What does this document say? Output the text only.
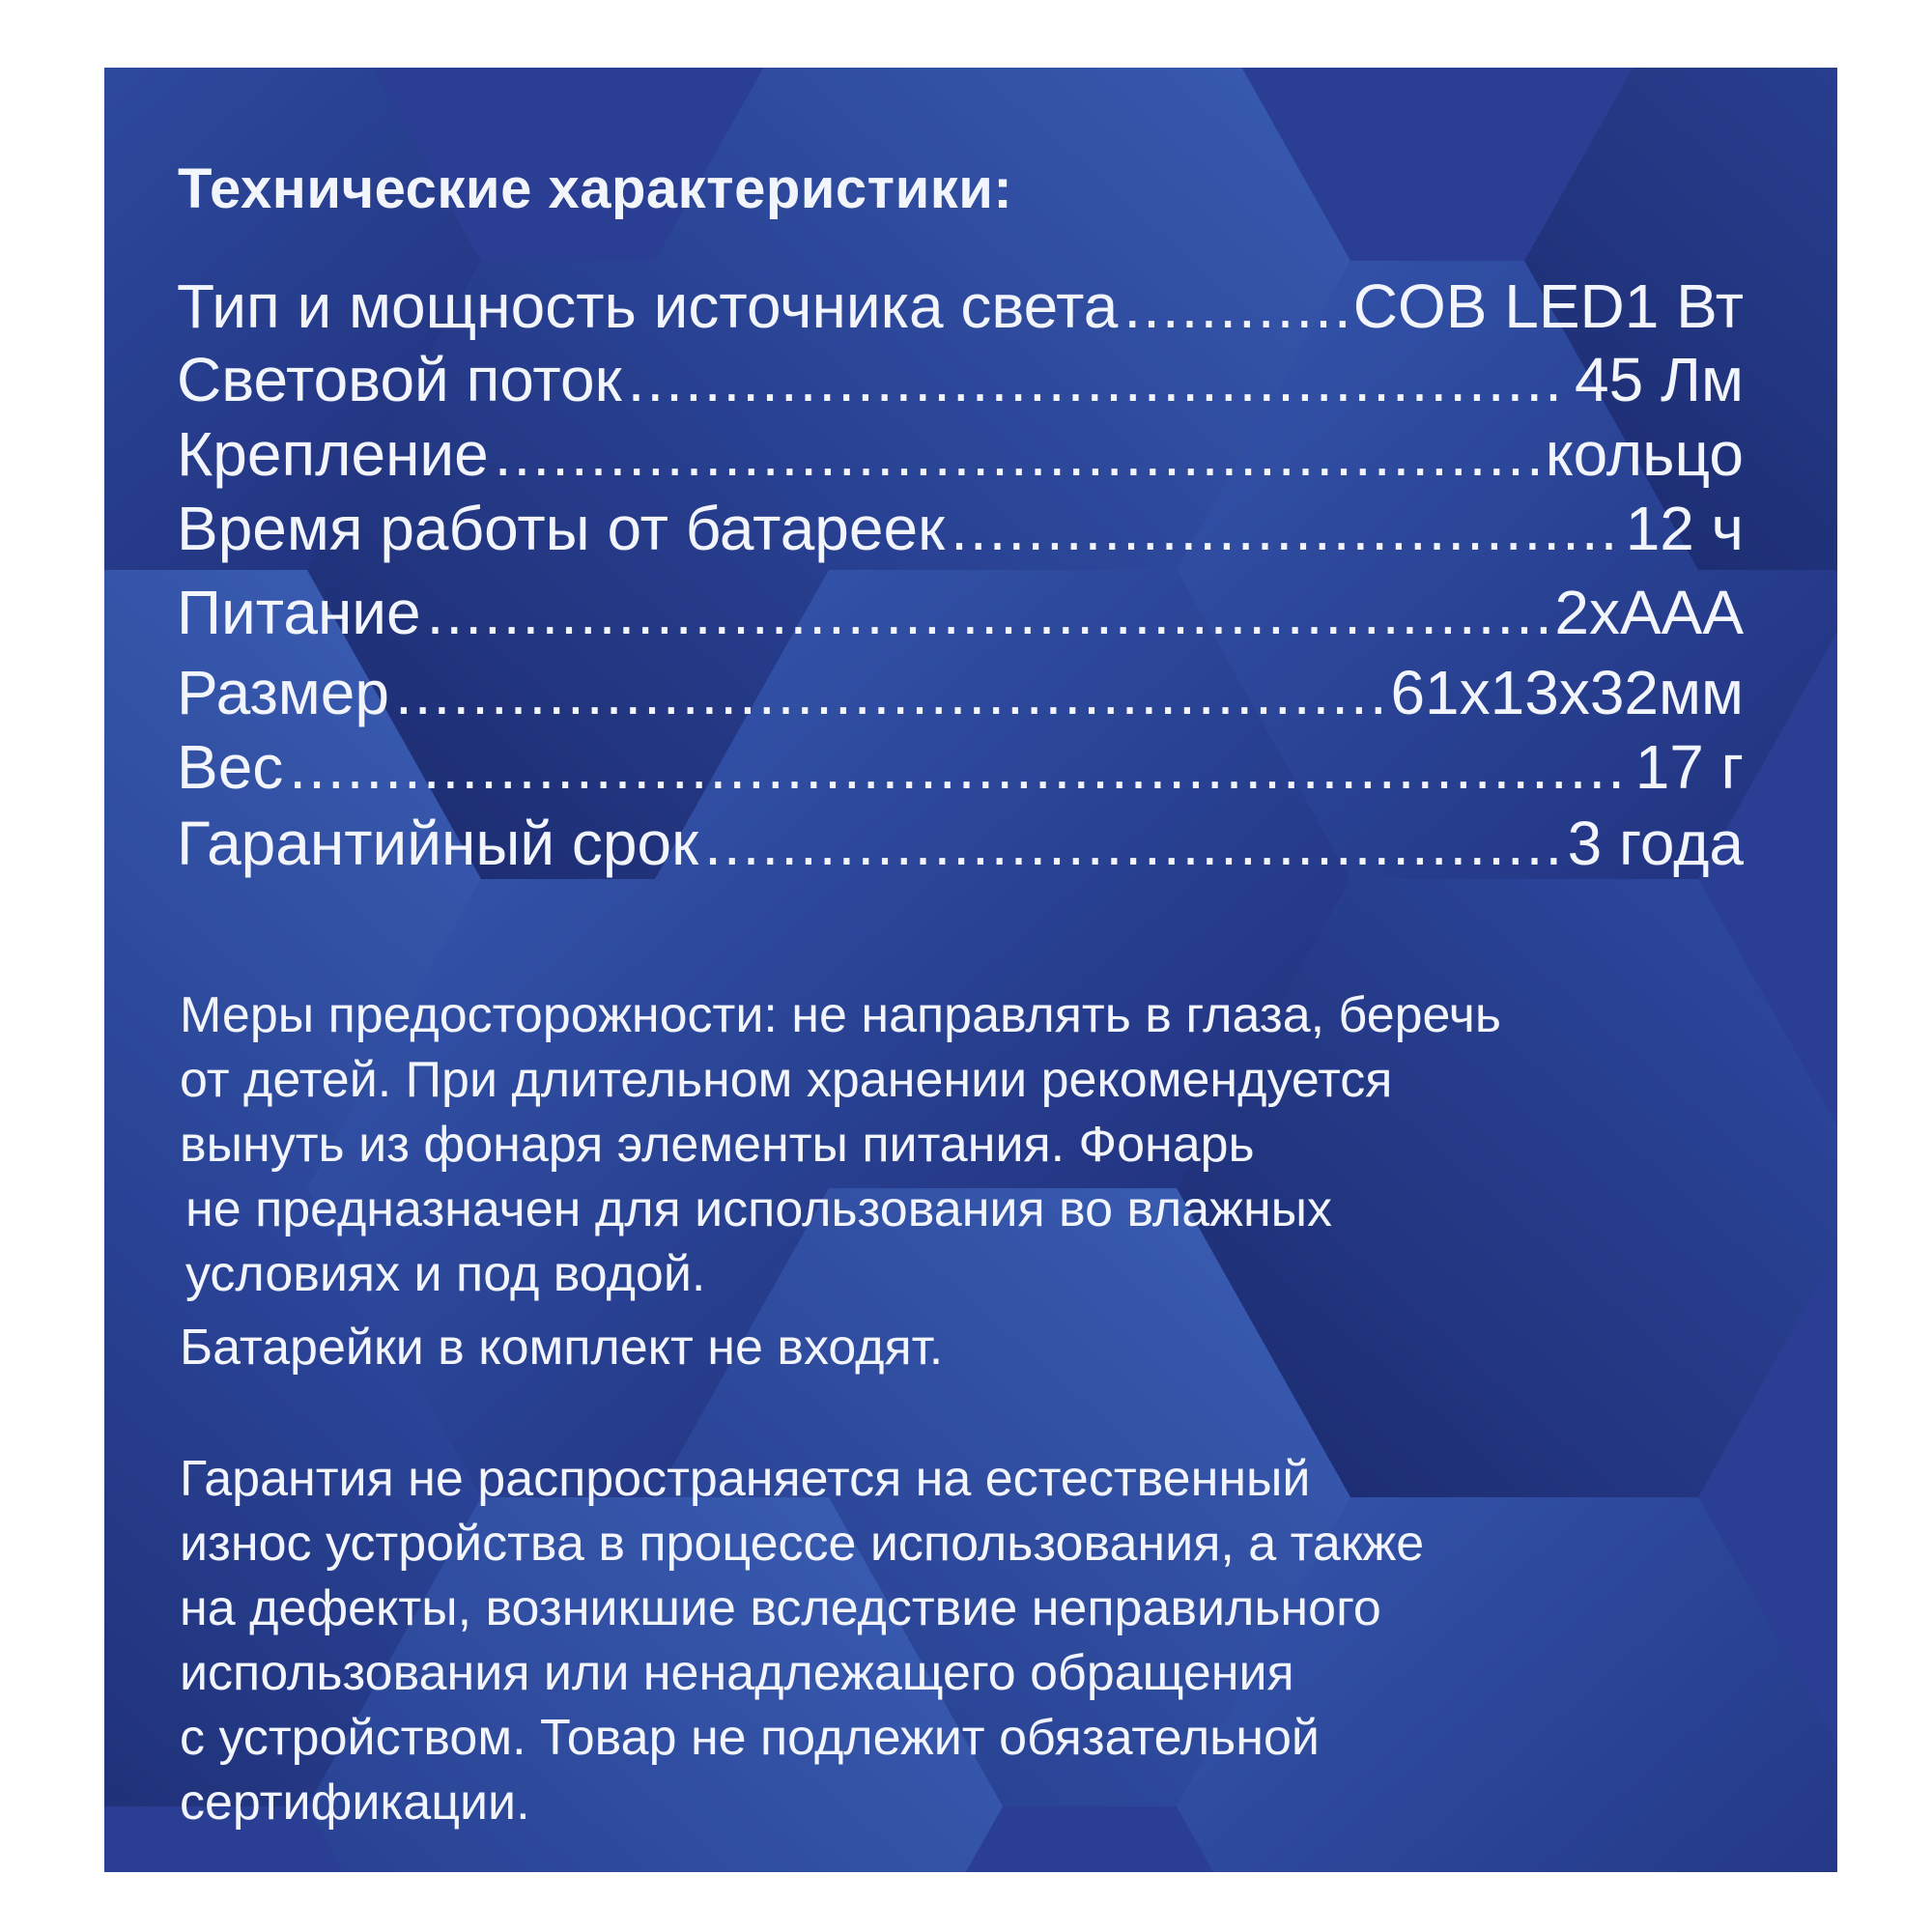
Технические характеристики:
Тип и мощность источника света .....	COB LED1 Вт
Световой поток .....	45 Лм
Крепление .....	кольцо
Время работы от батареек .....	12 ч
Питание .....	2хААА
Размер .....	61х13х32мм
Вес .....	17 г
Гарантийный срок .....	3 года
Меры предосторожности: не направлять в глаза, беречь
от детей. При длительном хранении рекомендуется
вынуть из фонаря элементы питания. Фонарь
не предназначен для использования во влажных
условиях и под водой.
Батарейки в комплект не входят.
Гарантия не распространяется на естественный
износ устройства в процессе использования, а также
на дефекты, возникшие вследствие неправильного
использования или ненадлежащего обращения
с устройством. Товар не подлежит обязательной
сертификации.
